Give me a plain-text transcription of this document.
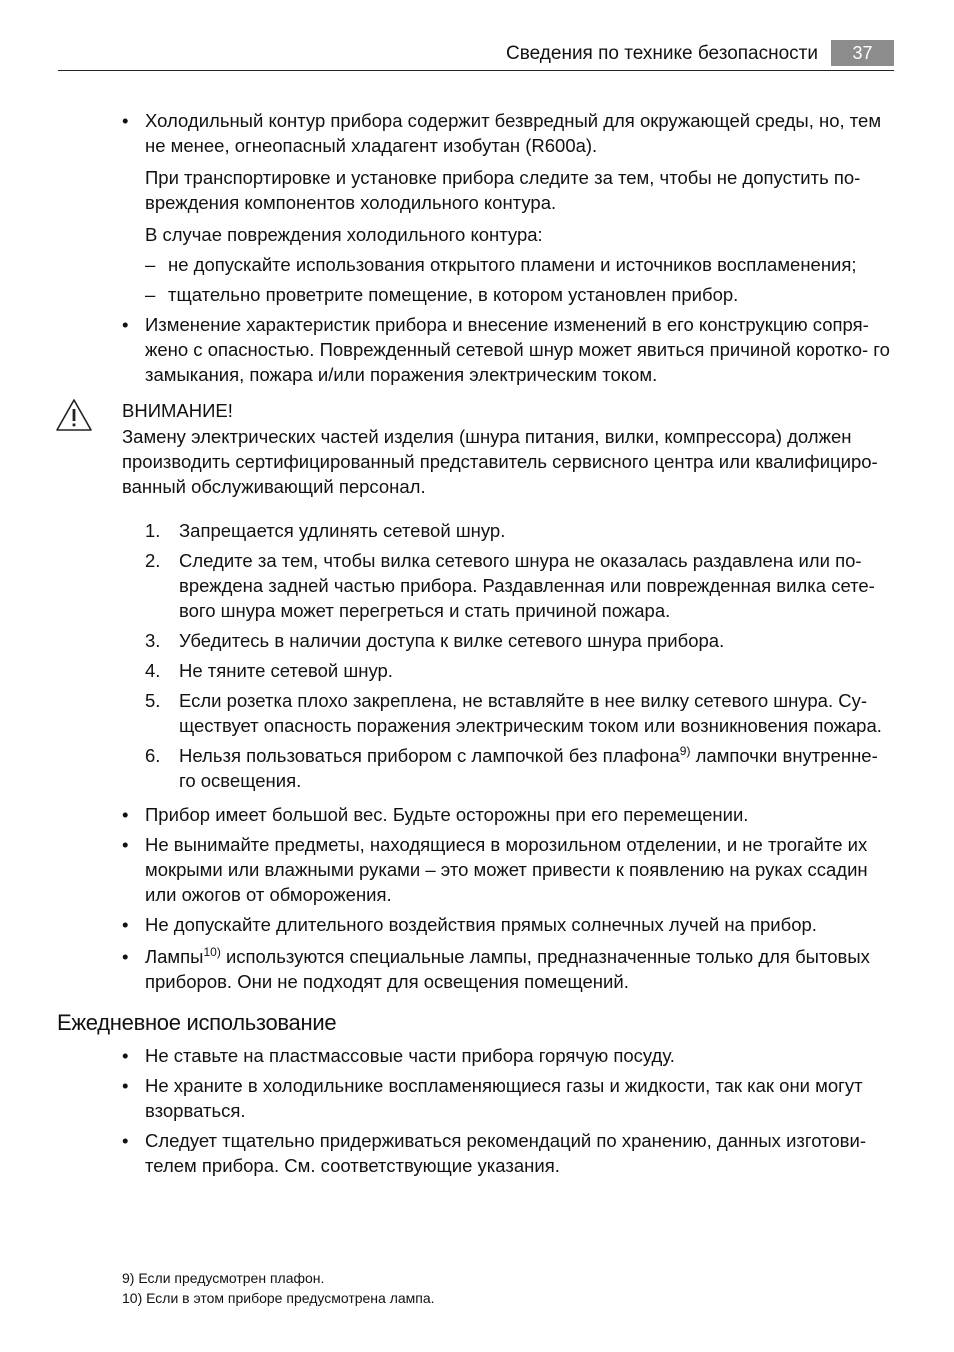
Сведения по технике безопасности	37
• Холодильный контур прибора содержит безвредный для окружающей среды, но, тем не менее, огнеопасный хладагент изобутан (R600a).
При транспортировке и установке прибора следите за тем, чтобы не допустить по- вреждения компонентов холодильного контура.
В случае повреждения холодильного контура:
– не допускайте использования открытого пламени и источников воспламенения;
– тщательно проветрите помещение, в котором установлен прибор.
• Изменение характеристик прибора и внесение изменений в его конструкцию сопря- жено с опасностью. Поврежденный сетевой шнур может явиться причиной коротко- го замыкания, пожара и/или поражения электрическим током.
ВНИМАНИЕ!
Замену электрических частей изделия (шнура питания, вилки, компрессора) должен производить сертифицированный представитель сервисного центра или квалифициро- ванный обслуживающий персонал.
1. Запрещается удлинять сетевой шнур.
2. Следите за тем, чтобы вилка сетевого шнура не оказалась раздавлена или по- вреждена задней частью прибора. Раздавленная или поврежденная вилка сете- вого шнура может перегреться и стать причиной пожара.
3. Убедитесь в наличии доступа к вилке сетевого шнура прибора.
4. Не тяните сетевой шнур.
5. Если розетка плохо закреплена, не вставляйте в нее вилку сетевого шнура. Су- ществует опасность поражения электрическим током или возникновения пожара.
6. Нельзя пользоваться прибором с лампочкой без плафона$^{9)}$ лампочки внутренне- го освещения.
• Прибор имеет большой вес. Будьте осторожны при его перемещении.
• Не вынимайте предметы, находящиеся в морозильном отделении, и не трогайте их мокрыми или влажными руками – это может привести к появлению на руках ссадин или ожогов от обморожения.
• Не допускайте длительного воздействия прямых солнечных лучей на прибор.
• Лампы$^{10)}$ используются специальные лампы, предназначенные только для бытовых приборов. Они не подходят для освещения помещений.
Ежедневное использование
• Не ставьте на пластмассовые части прибора горячую посуду.
• Не храните в холодильнике воспламеняющиеся газы и жидкости, так как они могут взорваться.
• Следует тщательно придерживаться рекомендаций по хранению, данных изготови- телем прибора. См. соответствующие указания.
9) Если предусмотрен плафон.
10) Если в этом приборе предусмотрена лампа.
